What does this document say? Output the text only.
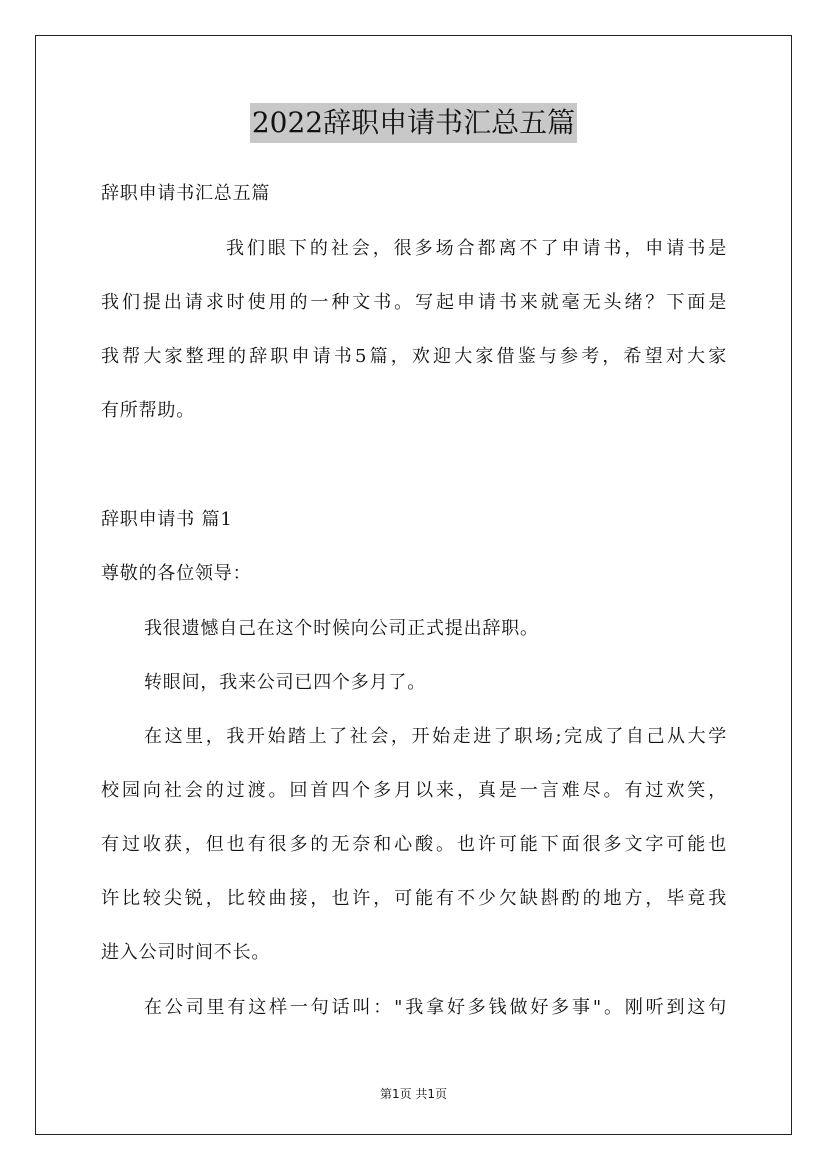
2022辞职申请书汇总五篇
辞职申请书汇总五篇
我们眼下的社会，很多场合都离不了申请书，申请书是
我们提出请求时使用的一种文书。写起申请书来就毫无头绪？下面是
我帮大家整理的辞职申请书5篇，欢迎大家借鉴与参考，希望对大家
有所帮助。
辞职申请书 篇1
尊敬的各位领导：
我很遗憾自己在这个时候向公司正式提出辞职。
转眼间，我来公司已四个多月了。
在这里，我开始踏上了社会，开始走进了职场;完成了自己从大学
校园向社会的过渡。回首四个多月以来，真是一言难尽。有过欢笑，
有过收获，但也有很多的无奈和心酸。也许可能下面很多文字可能也
许比较尖锐，比较曲接，也许，可能有不少欠缺斟酌的地方，毕竟我
进入公司时间不长。
在公司里有这样一句话叫："我拿好多钱做好多事"。刚听到这句
第1页 共1页
